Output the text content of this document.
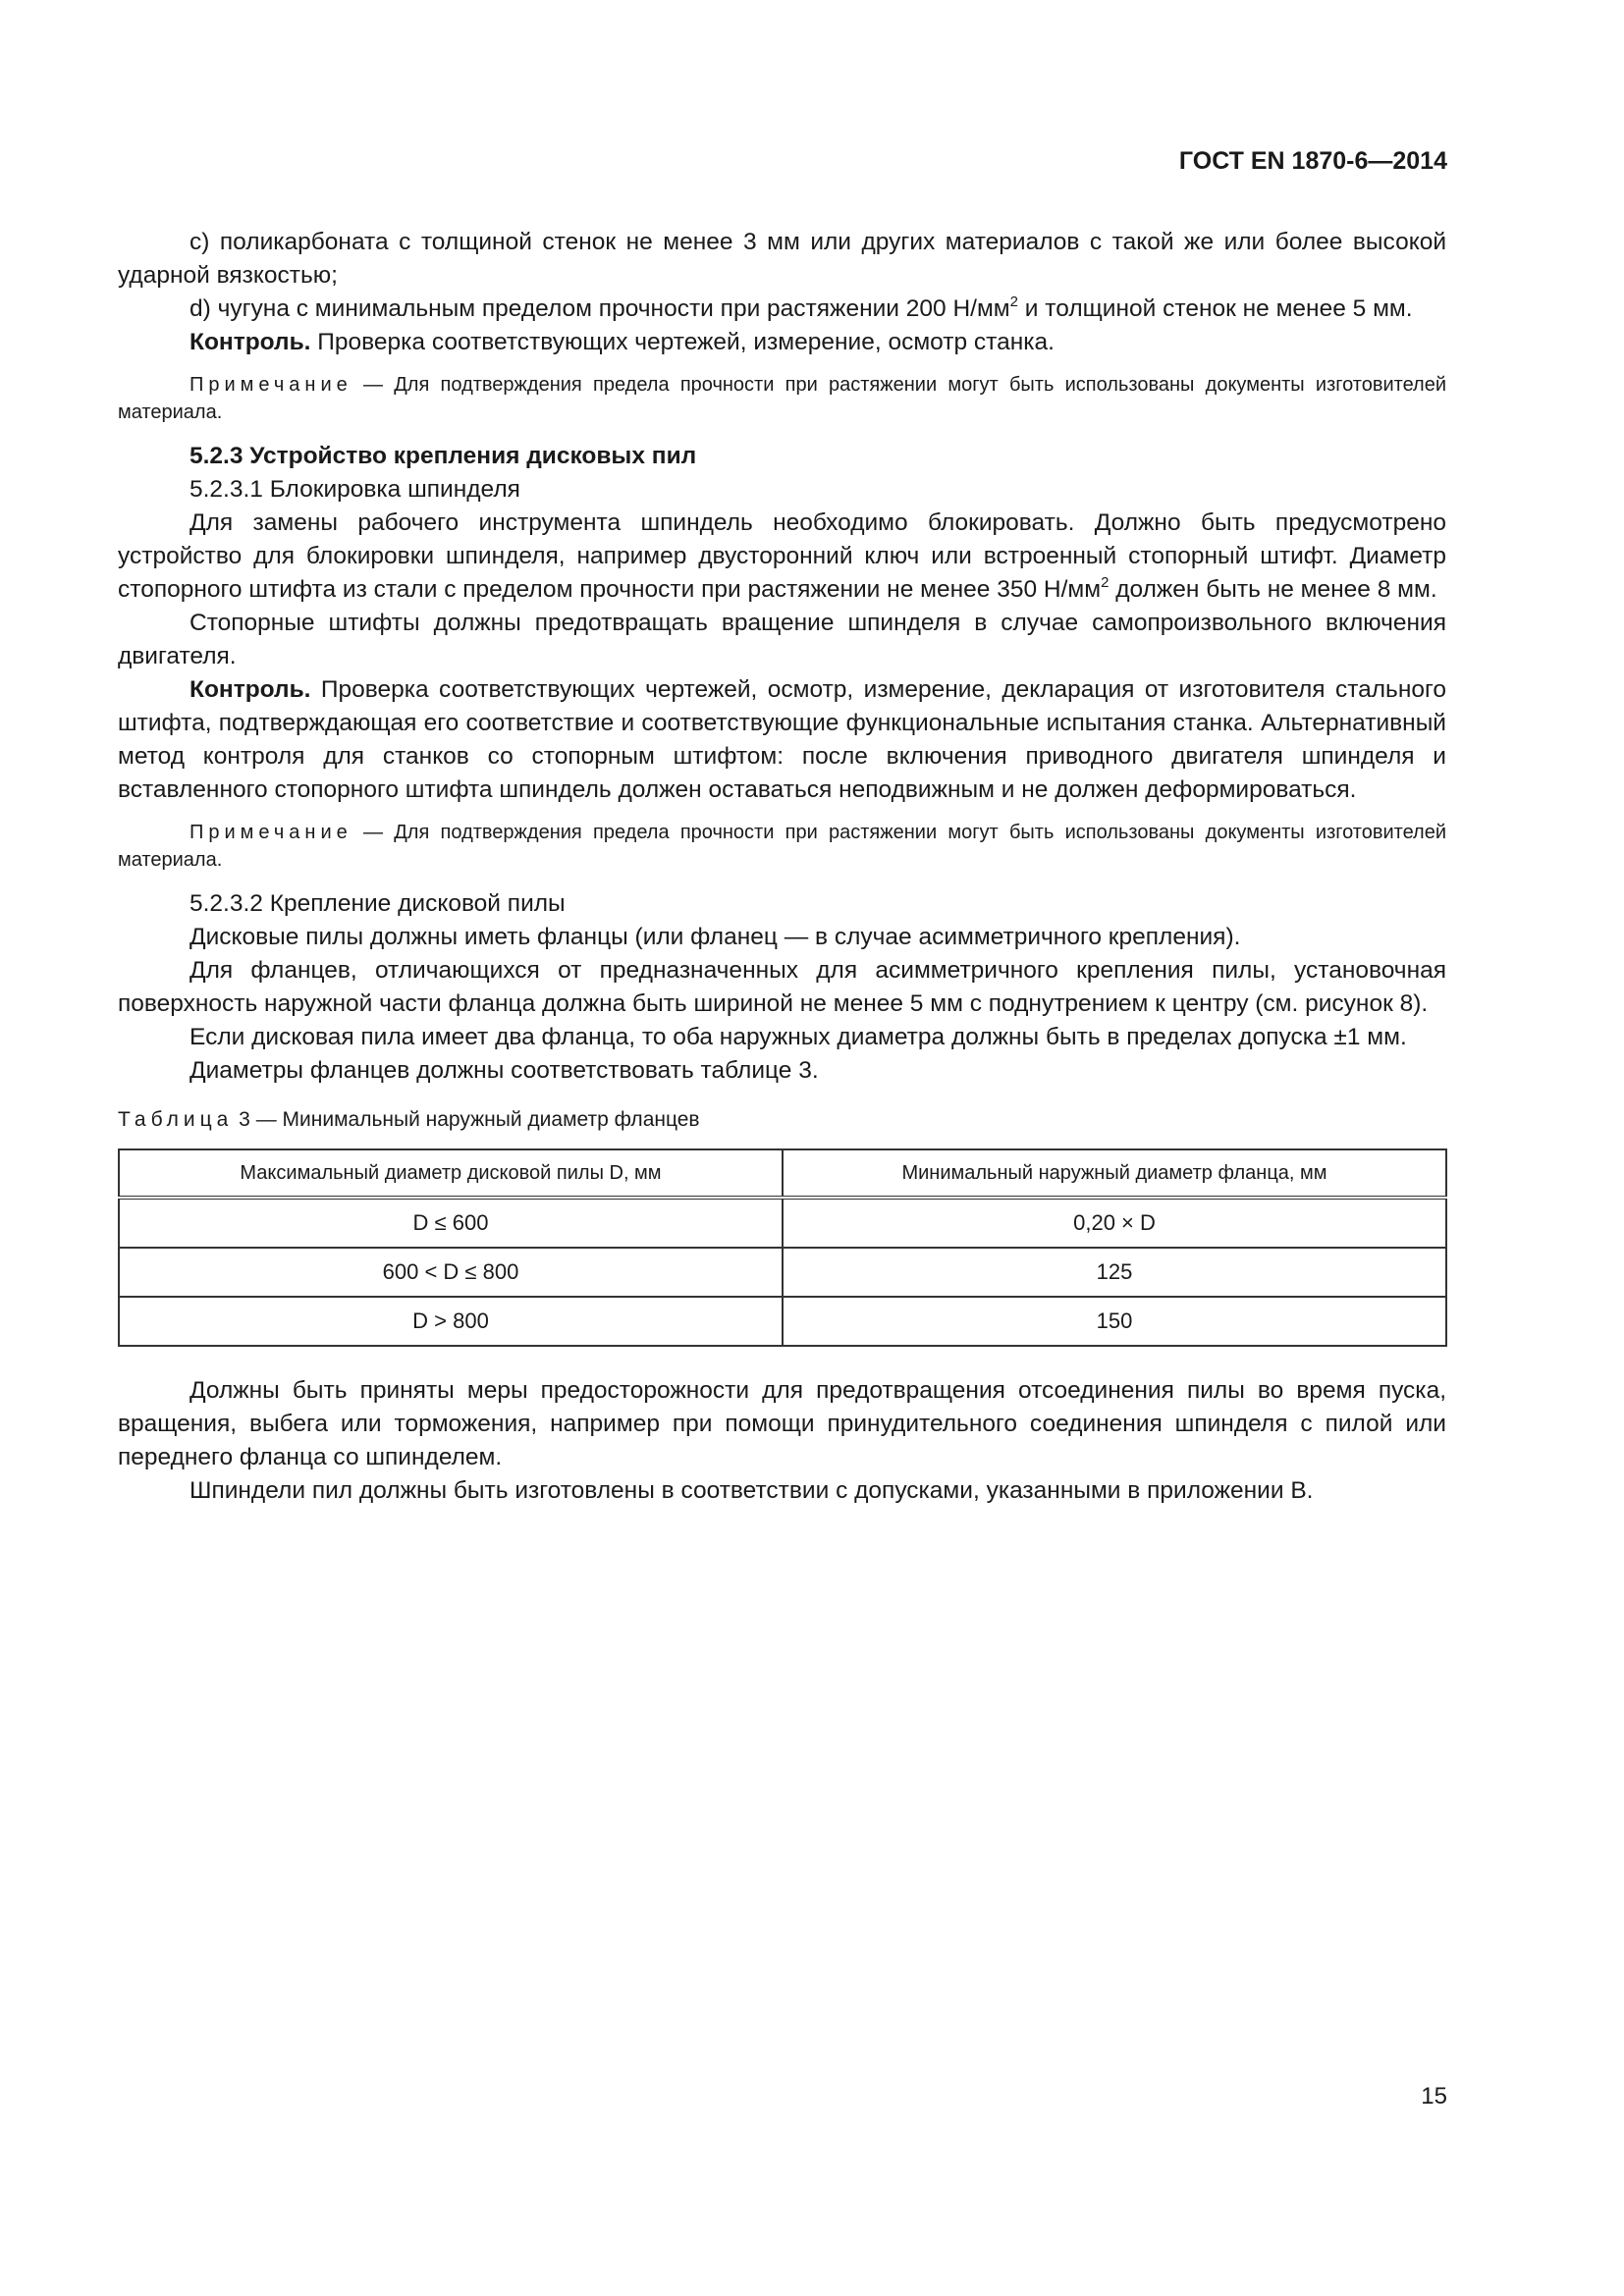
ГОСТ EN 1870-6—2014

с) поликарбоната с толщиной стенок не менее 3 мм или других материалов с такой же или более высокой ударной вязкостью;

d) чугуна с минимальным пределом прочности при растяжении 200 $Н/мм^2$ и толщиной стенок не менее 5 мм.

Контроль. Проверка соответствующих чертежей, измерение, осмотр станка.

Примечание — Для подтверждения предела прочности при растяжении могут быть использованы документы изготовителей материала.

5.2.3 Устройство крепления дисковых пил

5.2.3.1 Блокировка шпинделя

Для замены рабочего инструмента шпиндель необходимо блокировать. Должно быть предусмотрено устройство для блокировки шпинделя, например двусторонний ключ или встроенный стопорный штифт. Диаметр стопорного штифта из стали с пределом прочности при растяжении не менее 350 $Н/мм^2$ должен быть не менее 8 мм.

Стопорные штифты должны предотвращать вращение шпинделя в случае самопроизвольного включения двигателя.

Контроль. Проверка соответствующих чертежей, осмотр, измерение, декларация от изготовителя стального штифта, подтверждающая его соответствие и соответствующие функциональные испытания станка. Альтернативный метод контроля для станков со стопорным штифтом: после включения приводного двигателя шпинделя и вставленного стопорного штифта шпиндель должен оставаться неподвижным и не должен деформироваться.

Примечание — Для подтверждения предела прочности при растяжении могут быть использованы документы изготовителей материала.

5.2.3.2 Крепление дисковой пилы

Дисковые пилы должны иметь фланцы (или фланец — в случае асимметричного крепления).

Для фланцев, отличающихся от предназначенных для асимметричного крепления пилы, установочная поверхность наружной части фланца должна быть шириной не менее 5 мм с поднутрением к центру (см. рисунок 8).

Если дисковая пила имеет два фланца, то оба наружных диаметра должны быть в пределах допуска ±1 мм.

Диаметры фланцев должны соответствовать таблице 3.

Таблица 3 — Минимальный наружный диаметр фланцев
Максимальный диаметр дисковой пилы D, мм	Минимальный наружный диаметр фланца, мм
D ≤ 600	0,20 × D
600 < D ≤ 800	125
D > 800	150

Должны быть приняты меры предосторожности для предотвращения отсоединения пилы во время пуска, вращения, выбега или торможения, например при помощи принудительного соединения шпинделя с пилой или переднего фланца со шпинделем.

Шпиндели пил должны быть изготовлены в соответствии с допусками, указанными в приложении В.

15
